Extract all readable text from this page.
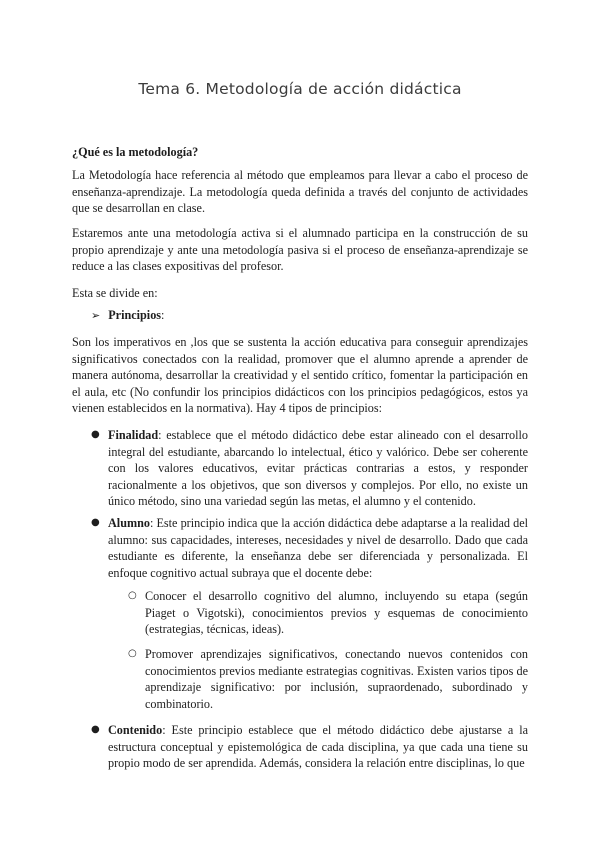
Tema 6. Metodología de acción didáctica
¿Qué es la metodología?
La Metodología hace referencia al método que empleamos para llevar a cabo el proceso de enseñanza-aprendizaje. La metodología queda definida a través del conjunto de actividades que se desarrollan en clase.
Estaremos ante una metodología activa si el alumnado participa en la construcción de su propio aprendizaje y ante una metodología pasiva si el proceso de enseñanza-aprendizaje se reduce a las clases expositivas del profesor.
Esta se divide en:
➢ Principios:
Son los imperativos en ,los que se sustenta la acción educativa para conseguir aprendizajes significativos conectados con la realidad, promover que el alumno aprende a aprender de manera autónoma, desarrollar la creatividad y el sentido crítico, fomentar la participación en el aula, etc (No confundir los principios didácticos con los principios pedagógicos, estos ya vienen establecidos en la normativa). Hay 4 tipos de principios:
● Finalidad: establece que el método didáctico debe estar alineado con el desarrollo integral del estudiante, abarcando lo intelectual, ético y valórico. Debe ser coherente con los valores educativos, evitar prácticas contrarias a estos, y responder racionalmente a los objetivos, que son diversos y complejos. Por ello, no existe un único método, sino una variedad según las metas, el alumno y el contenido.
● Alumno: Este principio indica que la acción didáctica debe adaptarse a la realidad del alumno: sus capacidades, intereses, necesidades y nivel de desarrollo. Dado que cada estudiante es diferente, la enseñanza debe ser diferenciada y personalizada. El enfoque cognitivo actual subraya que el docente debe:
○ Conocer el desarrollo cognitivo del alumno, incluyendo su etapa (según Piaget o Vigotski), conocimientos previos y esquemas de conocimiento (estrategias, técnicas, ideas).
○ Promover aprendizajes significativos, conectando nuevos contenidos con conocimientos previos mediante estrategias cognitivas. Existen varios tipos de aprendizaje significativo: por inclusión, supraordenado, subordinado y combinatorio.
● Contenido: Este principio establece que el método didáctico debe ajustarse a la estructura conceptual y epistemológica de cada disciplina, ya que cada una tiene su propio modo de ser aprendida. Además, considera la relación entre disciplinas, lo que
